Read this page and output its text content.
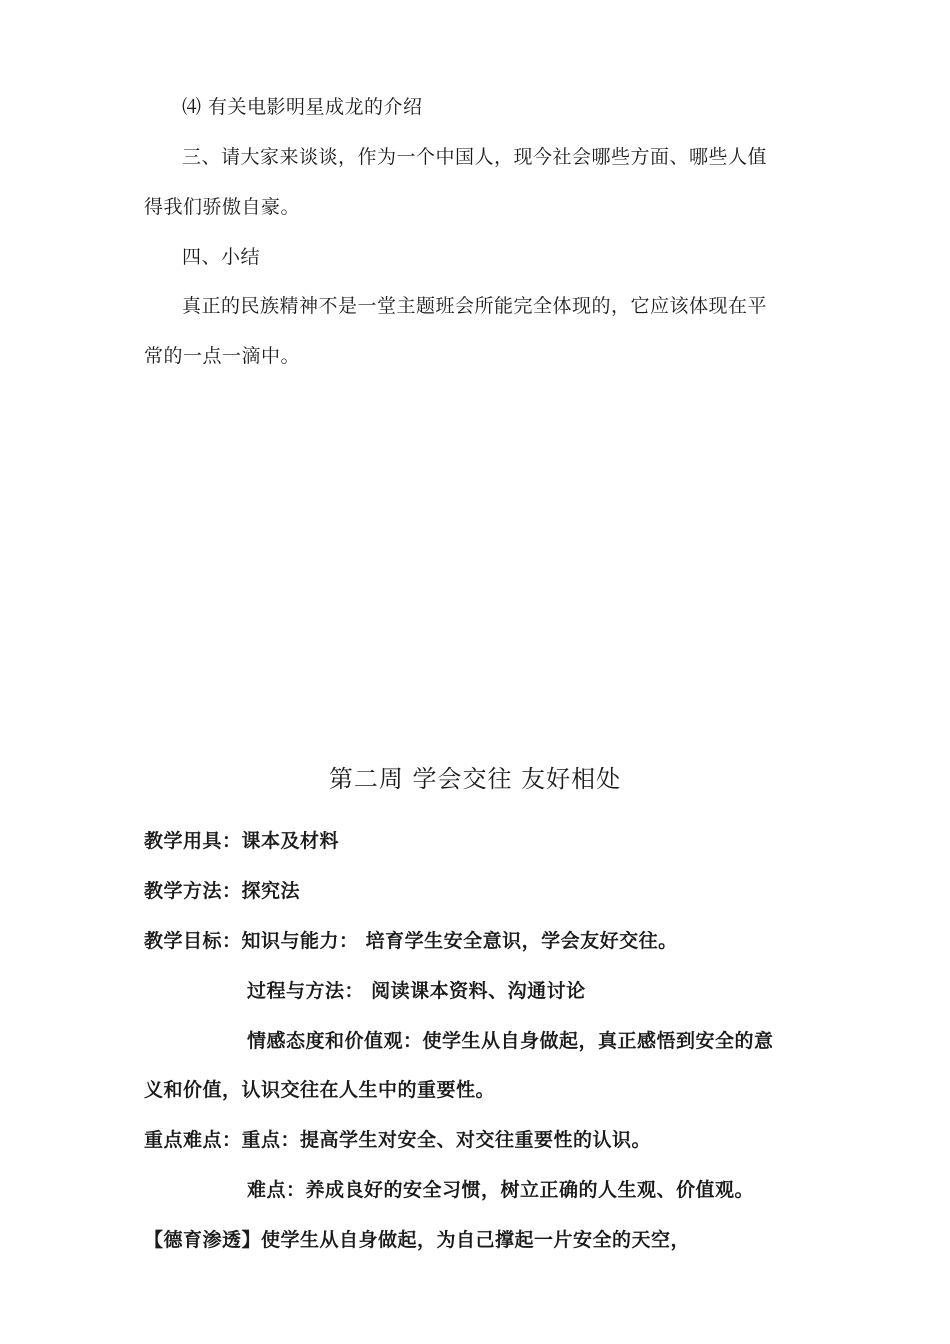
⑷ 有关电影明星成龙的介绍
三、请大家来谈谈，作为一个中国人，现今社会哪些方面、哪些人值
得我们骄傲自豪。
四、小结
真正的民族精神不是一堂主题班会所能完全体现的，它应该体现在平
常的一点一滴中。
第二周 学会交往 友好相处
教学用具：课本及材料
教学方法：探究法
教学目标：知识与能力： 培育学生安全意识，学会友好交往。
过程与方法： 阅读课本资料、沟通讨论
情感态度和价值观：使学生从自身做起，真正感悟到安全的意
义和价值，认识交往在人生中的重要性。
重点难点：重点：提高学生对安全、对交往重要性的认识。
难点：养成良好的安全习惯，树立正确的人生观、价值观。
【德育渗透】使学生从自身做起，为自己撑起一片安全的天空，
